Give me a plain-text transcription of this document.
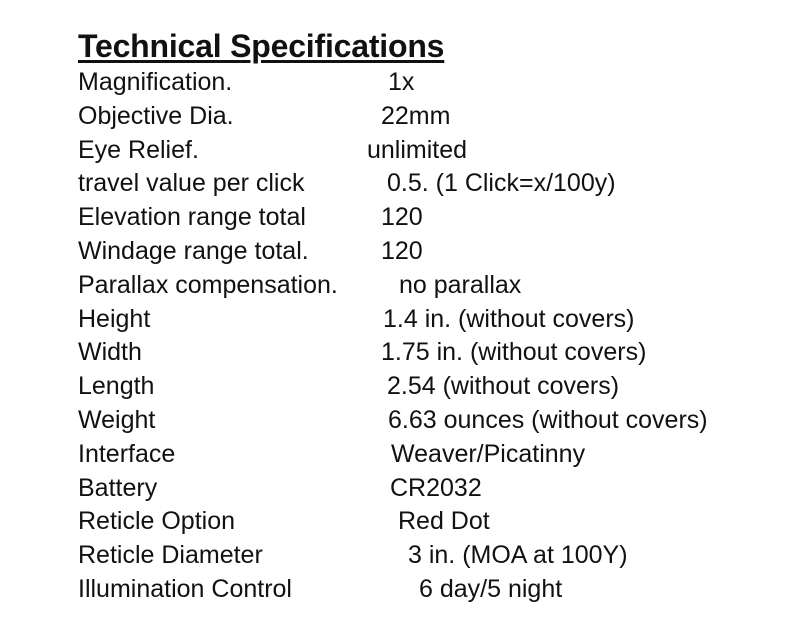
Technical Specifications
Magnification.	1x
Objective Dia.	22mm
Eye Relief.	unlimited
travel value per click	0.5. (1 Click=x/100y)
Elevation range total	120
Windage range total.	120
Parallax compensation. no parallax
Height	1.4 in. (without covers)
Width	1.75 in. (without covers)
Length	2.54 (without covers)
Weight	6.63 ounces (without covers)
Interface	Weaver/Picatinny
Battery	CR2032
Reticle Option	Red Dot
Reticle Diameter	3 in. (MOA at 100Y)
Illumination Control	6 day/5 night
